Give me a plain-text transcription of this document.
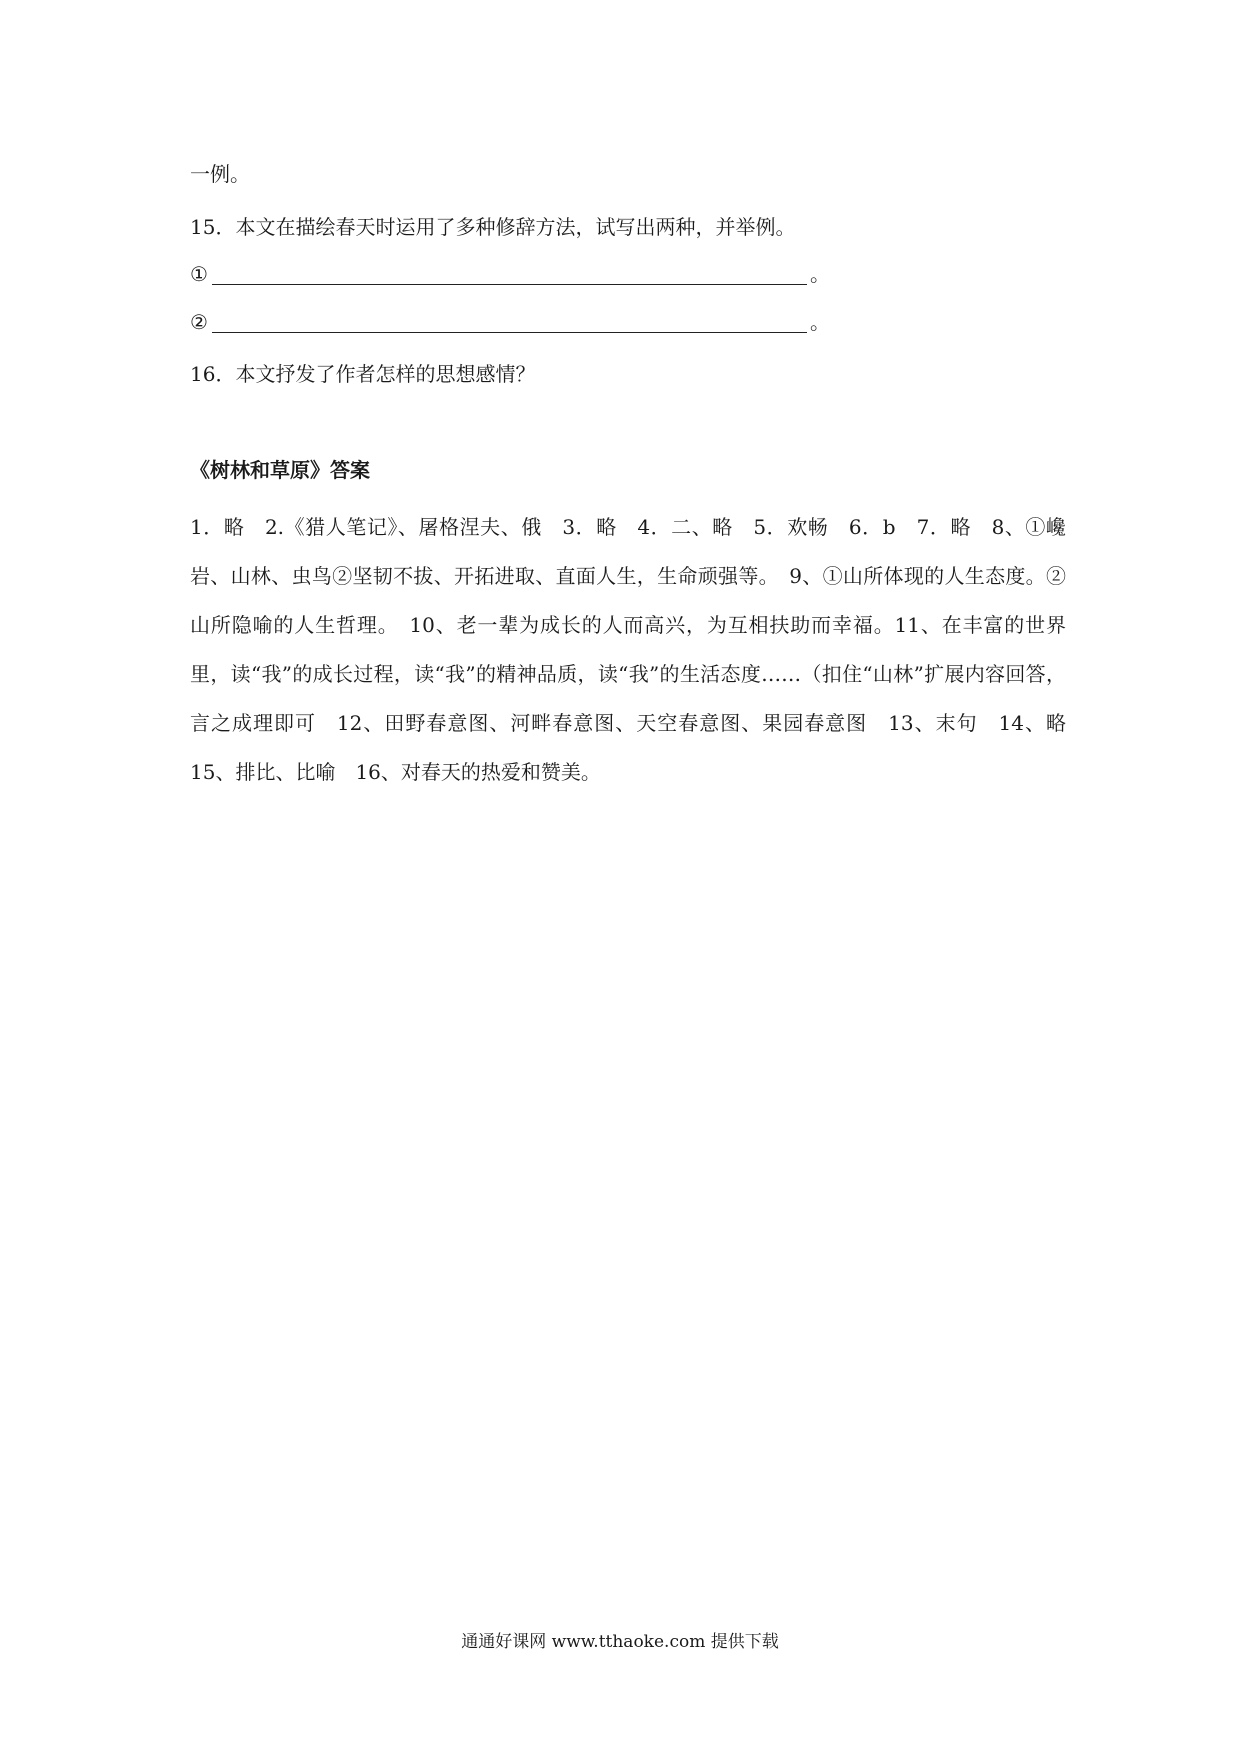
一例。
15．本文在描绘春天时运用了多种修辞方法，试写出两种，并举例。
①	。
②	。
16．本文抒发了作者怎样的思想感情？
《树林和草原》答案
1．略　2.《猎人笔记》、屠格涅夫、俄　3．略　4．二、略　5．欢畅　6．b　7．略　8、①巉岩、山林、虫鸟②坚韧不拔、开拓进取、直面人生，生命顽强等。　9、①山所体现的人生态度。②山所隐喻的人生哲理。　10、老一辈为成长的人而高兴，为互相扶助而幸福。11、在丰富的世界里，读“我”的成长过程，读“我”的精神品质，读“我”的生活态度……（扣住“山林”扩展内容回答，言之成理即可　12、田野春意图、河畔春意图、天空春意图、果园春意图　13、末句　14、略　15、排比、比喻　16、对春天的热爱和赞美。
通通好课网 www.tthaoke.com 提供下载
